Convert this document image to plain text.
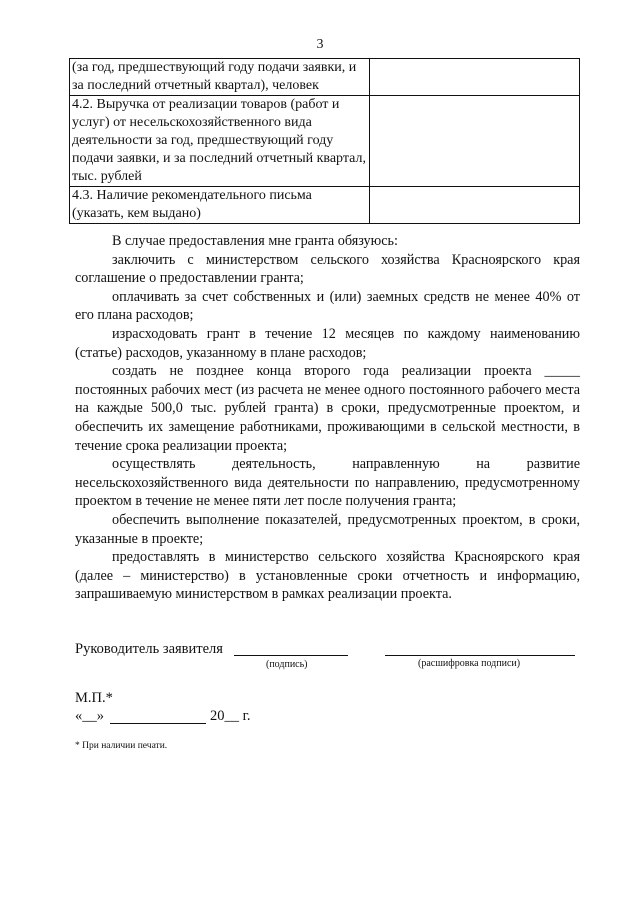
3
(за год, предшествующий году подачи заявки, и за последний отчетный квартал), человек	
4.2. Выручка от реализации товаров (работ и услуг) от несельскохозяйственного вида деятельности за год, предшествующий году подачи заявки, и за последний отчетный квартал, тыс. рублей	
4.3. Наличие рекомендательного письма (указать, кем выдано)	

В случае предоставления мне гранта обязуюсь:

заключить с министерством сельского хозяйства Красноярского края соглашение о предоставлении гранта;

оплачивать за счет собственных и (или) заемных средств не менее 40% от его плана расходов;

израсходовать грант в течение 12 месяцев по каждому наименованию (статье) расходов, указанному в плане расходов;

создать не позднее конца второго года реализации проекта _____ постоянных рабочих мест (из расчета не менее одного постоянного рабочего места на каждые 500,0 тыс. рублей гранта) в сроки, предусмотренные проектом, и обеспечить их замещение работниками, проживающими в сельской местности, в течение срока реализации проекта;

осуществлять деятельность, направленную на развитие несельскохозяйственного вида деятельности по направлению, предусмотренному проектом в течение не менее пяти лет после получения гранта;

обеспечить выполнение показателей, предусмотренных проектом, в сроки, указанные в проекте;

предоставлять в министерство сельского хозяйства Красноярского края (далее – министерство) в установленные сроки отчетность и информацию, запрашиваемую министерством в рамках реализации проекта.

Руководитель заявителя
(подпись)	(расшифровка подписи)
М.П.*
«__»	20__ г.
* При наличии печати.
